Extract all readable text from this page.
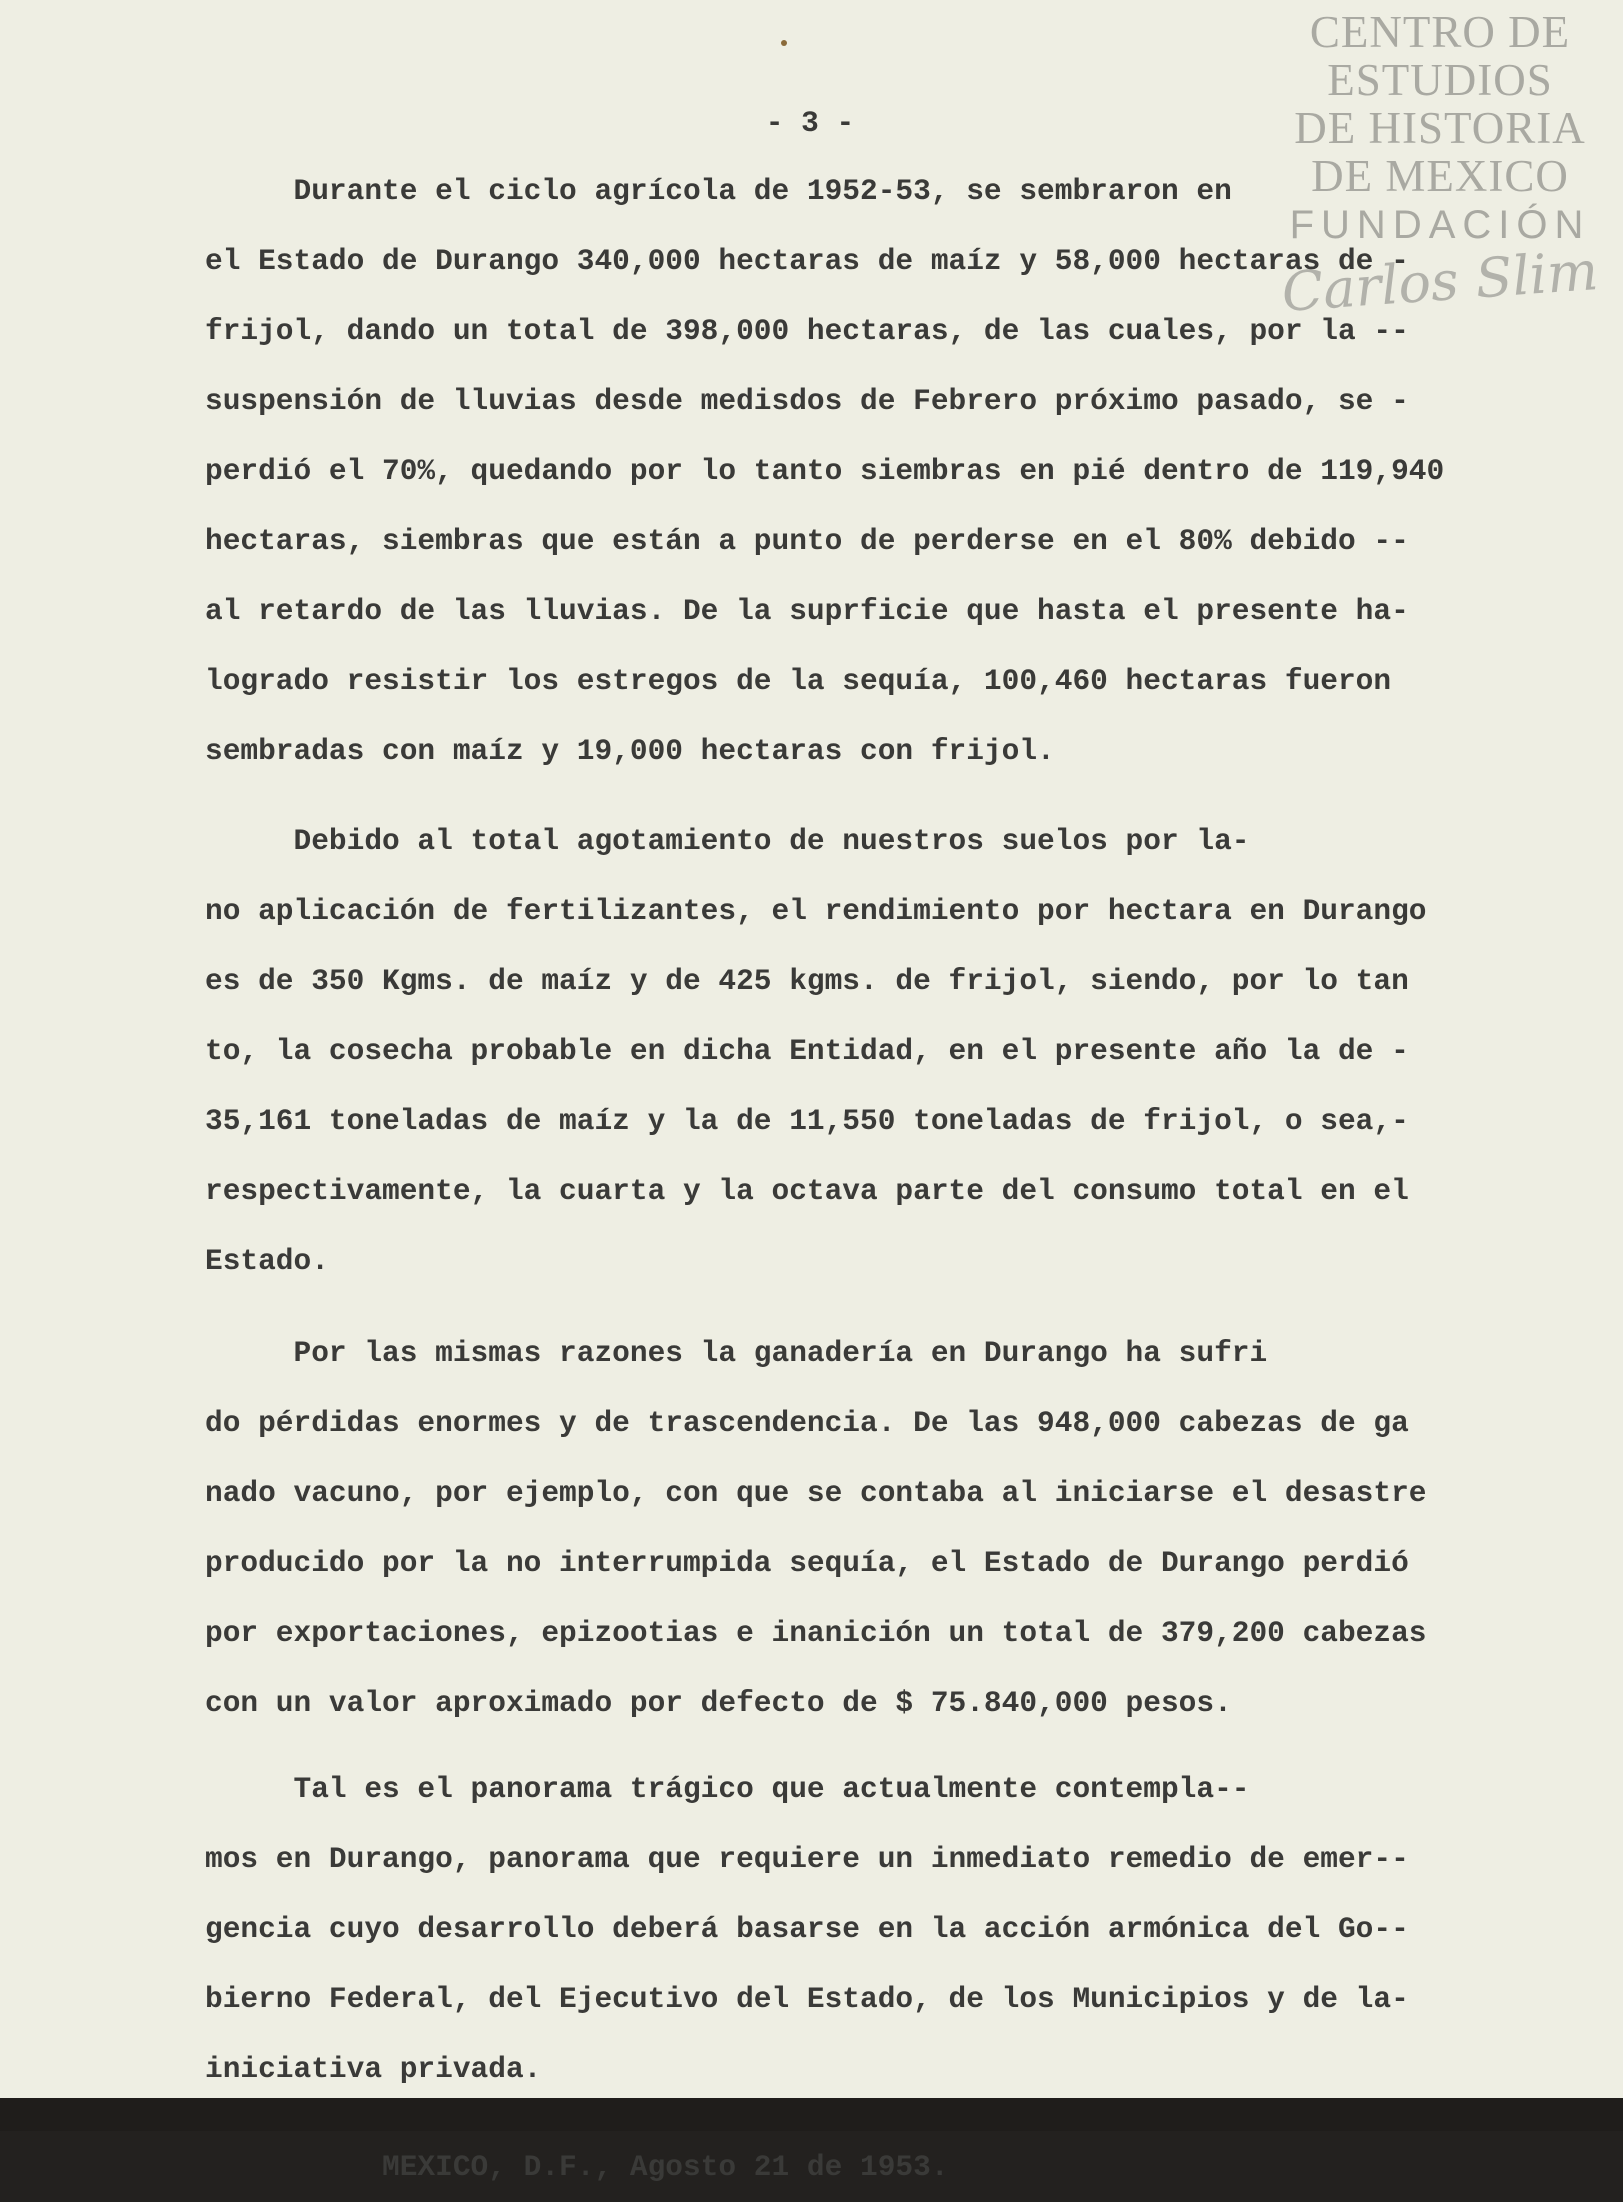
CENTRO DE
ESTUDIOS
DE HISTORIA
DE MEXICO
FUNDACIÓN
Carlos Slim
- 3 -
Durante el ciclo agrícola de 1952-53, se sembraron en
el Estado de Durango 340,000 hectaras de maíz y 58,000 hectaras de -
frijol, dando un total de 398,000 hectaras, de las cuales, por la --
suspensión de lluvias desde medisdos de Febrero próximo pasado, se -
perdió el 70%, quedando por lo tanto siembras en pié dentro de 119,940
hectaras, siembras que están a punto de perderse en el 80% debido --
al retardo de las lluvias. De la suprficie que hasta el presente ha-
logrado resistir los estregos de la sequía, 100,460 hectaras fueron
sembradas con maíz y 19,000 hectaras con frijol.
Debido al total agotamiento de nuestros suelos por la-
no aplicación de fertilizantes, el rendimiento por hectara en Durango
es de 350 Kgms. de maíz y de 425 kgms. de frijol, siendo, por lo tan
to, la cosecha probable en dicha Entidad, en el presente año la de -
35,161 toneladas de maíz y la de 11,550 toneladas de frijol, o sea,-
respectivamente, la cuarta y la octava parte del consumo total en el
Estado.
Por las mismas razones la ganadería en Durango ha sufri
do pérdidas enormes y de trascendencia. De las 948,000 cabezas de ga
nado vacuno, por ejemplo, con que se contaba al iniciarse el desastre
producido por la no interrumpida sequía, el Estado de Durango perdió
por exportaciones, epizootias e inanición un total de 379,200 cabezas
con un valor aproximado por defecto de $ 75.840,000 pesos.
Tal es el panorama trágico que actualmente contempla--
mos en Durango, panorama que requiere un inmediato remedio de emer--
gencia cuyo desarrollo deberá basarse en la acción armónica del Go--
bierno Federal, del Ejecutivo del Estado, de los Municipios y de la-
iniciativa privada.
MEXICO, D.F., Agosto 21 de 1953.
